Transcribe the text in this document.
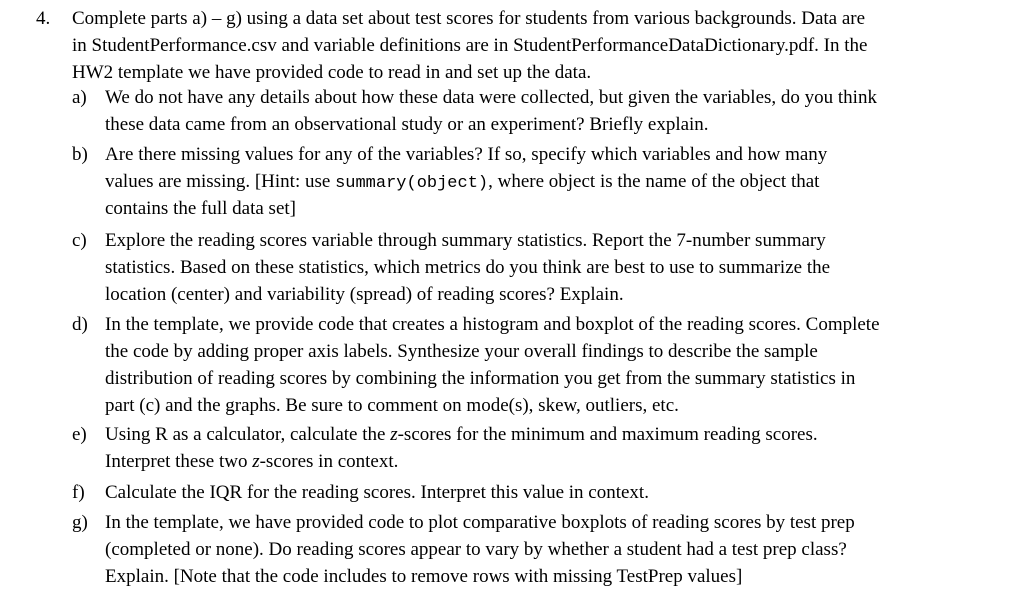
4. Complete parts a) – g) using a data set about test scores for students from various backgrounds. Data are
in StudentPerformance.csv and variable definitions are in StudentPerformanceDataDictionary.pdf. In the
HW2 template we have provided code to read in and set up the data.
a) We do not have any details about how these data were collected, but given the variables, do you think
these data came from an observational study or an experiment? Briefly explain.
b) Are there missing values for any of the variables? If so, specify which variables and how many
values are missing. [Hint: use summary(object), where object is the name of the object that
contains the full data set]
c) Explore the reading scores variable through summary statistics. Report the 7-number summary
statistics. Based on these statistics, which metrics do you think are best to use to summarize the
location (center) and variability (spread) of reading scores? Explain.
d) In the template, we provide code that creates a histogram and boxplot of the reading scores. Complete
the code by adding proper axis labels. Synthesize your overall findings to describe the sample
distribution of reading scores by combining the information you get from the summary statistics in
part (c) and the graphs. Be sure to comment on mode(s), skew, outliers, etc.
e) Using R as a calculator, calculate the z-scores for the minimum and maximum reading scores.
Interpret these two z-scores in context.
f) Calculate the IQR for the reading scores. Interpret this value in context.
g) In the template, we have provided code to plot comparative boxplots of reading scores by test prep
(completed or none). Do reading scores appear to vary by whether a student had a test prep class?
Explain. [Note that the code includes to remove rows with missing TestPrep values]
